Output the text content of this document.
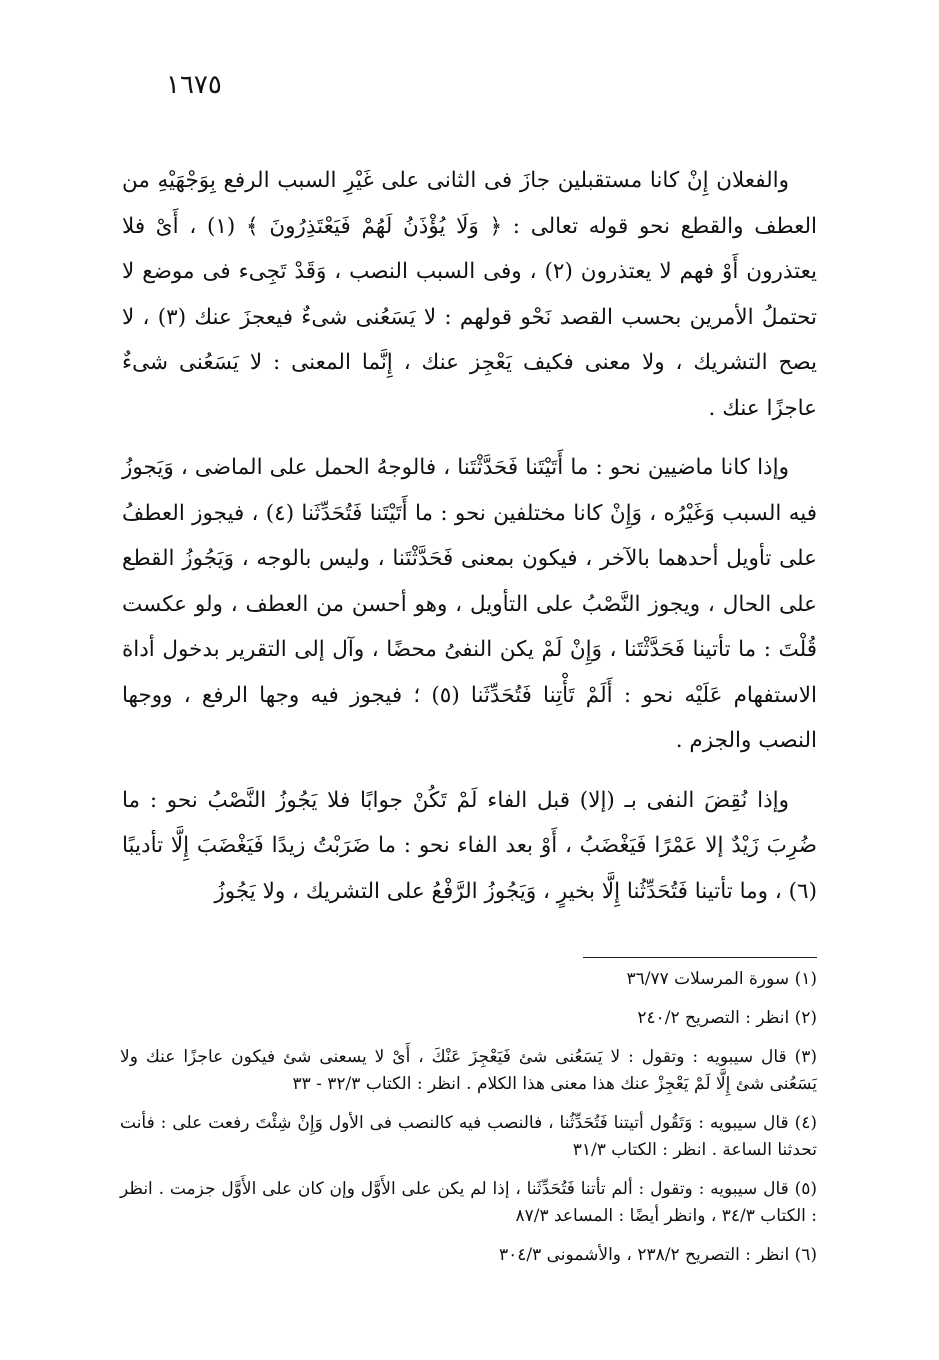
١٦٧٥

والفعلان إِنْ كانا مستقبلين جازَ فى الثانى على غَيْرِ السبب الرفع بِوَجْهَيْهِ من العطف والقطع نحو قوله تعالى : ﴿ وَلَا يُؤْذَنُ لَهُمْ فَيَعْتَذِرُونَ ﴾ (١) ، أَىْ فلا يعتذرون أَوْ فهم لا يعتذرون (٢) ، وفى السبب النصب ، وَقَدْ تَجِىء فى موضع لا تحتملُ الأمرين بحسب القصد نَحْو قولهم : لا يَسَعُنى شىءٌ فيعجزَ عنك (٣) ، لا يصح التشريك ، ولا معنى فكيف يَعْجِز عنك ، إِنَّما المعنى : لا يَسَعُنى شىءٌ عاجزًا عنك .

وإذا كانا ماضيين نحو : ما أَتَيْتَنا فَحَدَّثْتَنا ، فالوجهُ الحمل على الماضى ، وَيَجوزُ فيه السبب وَغَيْرُه ، وَإِنْ كانا مختلفين نحو : ما أَتَيْتَنا فَتُحَدِّثَنا (٤) ، فيجوز العطفُ على تأويل أحدهما بالآخر ، فيكون بمعنى فَحَدَّثْتَنا ، وليس بالوجه ، وَيَجُوزُ القطع على الحال ، ويجوز النَّصْبُ على التأويل ، وهو أحسن من العطف ، ولو عكست قُلْتَ : ما تأتينا فَحَدَّثْتَنا ، وَإِنْ لَمْ يكن النفىُ محضًا ، وآل إلى التقرير بدخول أداة الاستفهام عَلَيْه نحو : أَلَمْ تَأْتِنا فَتُحَدِّثَنا (٥) ؛ فيجوز فيه وجها الرفع ، ووجها النصب والجزم .

وإذا نُقِضَ النفى بـ (إلا) قبل الفاء لَمْ تَكُنْ جوابًا فلا يَجُوزُ النَّصْبُ نحو : ما ضُرِبَ زَيْدٌ إلا عَمْرًا فَيَغْضَبُ ، أَوْ بعد الفاء نحو : ما ضَرَبْتُ زيدًا فَيَغْضَبَ إِلَّا تأديبًا (٦) ، وما تأتينا فَتُحَدِّثُنا إِلَّا بخيرٍ ، وَيَجُوزُ الرَّفْعُ على التشريك ، ولا يَجُوزُ

(١) سورة المرسلات ٣٦/٧٧

(٢) انظر : التصريح ٢٤٠/٢

(٣) قال سيبويه : وتقول : لا يَسَعُنى شئ فَيَعْجِزَ عَنْكَ ، أَىْ لا يسعنى شئ فيكون عاجزًا عنك ولا يَسَعُنى شئ إِلَّا لَمْ يَعْجِزْ عنك هذا معنى هذا الكلام . انظر : الكتاب ٣٢/٣ - ٣٣

(٤) قال سيبويه : وَتَقُول أتيتنا فَتُحَدِّثُنا ، فالنصب فيه كالنصب فى الأول وَإِنْ شِئْتَ رفعت على : فأنت تحدثنا الساعة . انظر : الكتاب ٣١/٣

(٥) قال سيبويه : وتقول : ألم تأتنا فَتُحَدِّثَنا ، إذا لم يكن على الأَوَّل وإن كان على الأَوَّل جزمت . انظر : الكتاب ٣٤/٣ ، وانظر أيضًا : المساعد ٨٧/٣

(٦) انظر : التصريح ٢٣٨/٢ ، والأشمونى ٣٠٤/٣
